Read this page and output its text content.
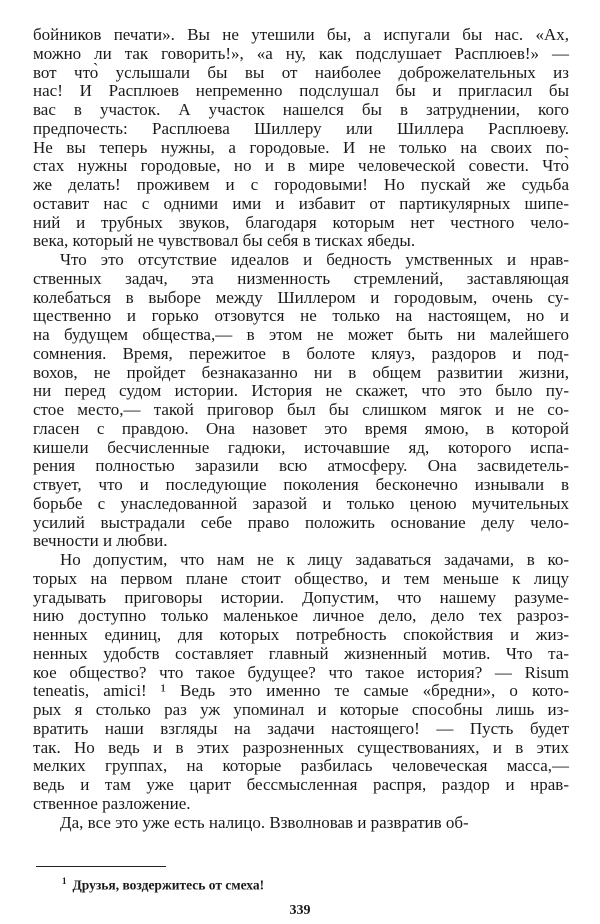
бойников печати». Вы не утешили бы, а испугали бы нас. «Ах,
можно ли так говорить!», «а ну, как подслушает Расплюев!» —
вот что̀ услышали бы вы от наиболее доброжелательных из
нас! И Расплюев непременно подслушал бы и пригласил бы
вас в участок. А участок нашелся бы в затруднении, кого
предпочесть: Расплюева Шиллеру или Шиллера Расплюеву.
Не вы теперь нужны, а городовые. И не только на своих по-
стах нужны городовые, но и в мире человеческой совести. Что̀
же делать! проживем и с городовыми! Но пускай же судьба
оставит нас с одними ими и избавит от партикулярных шипе-
ний и трубных звуков, благодаря которым нет честного чело-
века, который не чувствовал бы себя в тисках ябеды.
Что это отсутствие идеалов и бедность умственных и нрав-
ственных задач, эта низменность стремлений, заставляющая
колебаться в выборе между Шиллером и городовым, очень су-
щественно и горько отзовутся не только на настоящем, но и
на будущем общества,— в этом не может быть ни малейшего
сомнения. Время, пережитое в болоте кляуз, раздоров и под-
вохов, не пройдет безнаказанно ни в общем развитии жизни,
ни перед судом истории. История не скажет, что это было пу-
стое место,— такой приговор был бы слишком мягок и не со-
гласен с правдою. Она назовет это время ямою, в которой
кишели бесчисленные гадюки, источавшие яд, которого испа-
рения полностью заразили всю атмосферу. Она засвидетель-
ствует, что и последующие поколения бесконечно изнывали в
борьбе с унаследованной заразой и только ценою мучительных
усилий выстрадали себе право положить основание делу чело-
вечности и любви.
Но допустим, что нам не к лицу задаваться задачами, в ко-
торых на первом плане стоит общество, и тем меньше к лицу
угадывать приговоры истории. Допустим, что нашему разуме-
нию доступно только маленькое личное дело, дело тех разроз-
ненных единиц, для которых потребность спокойствия и жиз-
ненных удобств составляет главный жизненный мотив. Что та-
кое общество? что такое будущее? что такое история? — Risum
teneatis, amici! ¹ Ведь это именно те самые «бредни», о кото-
рых я столько раз уж упоминал и которые способны лишь из-
вратить наши взгляды на задачи настоящего! — Пусть будет
так. Но ведь и в этих разрозненных существованиях, и в этих
мелких группах, на которые разбилась человеческая масса,—
ведь и там уже царит бессмысленная распря, раздор и нрав-
ственное разложение.
Да, все это уже есть налицо. Взволновав и развратив об-
$^1$ Друзья, воздержитесь от смеха!
339
